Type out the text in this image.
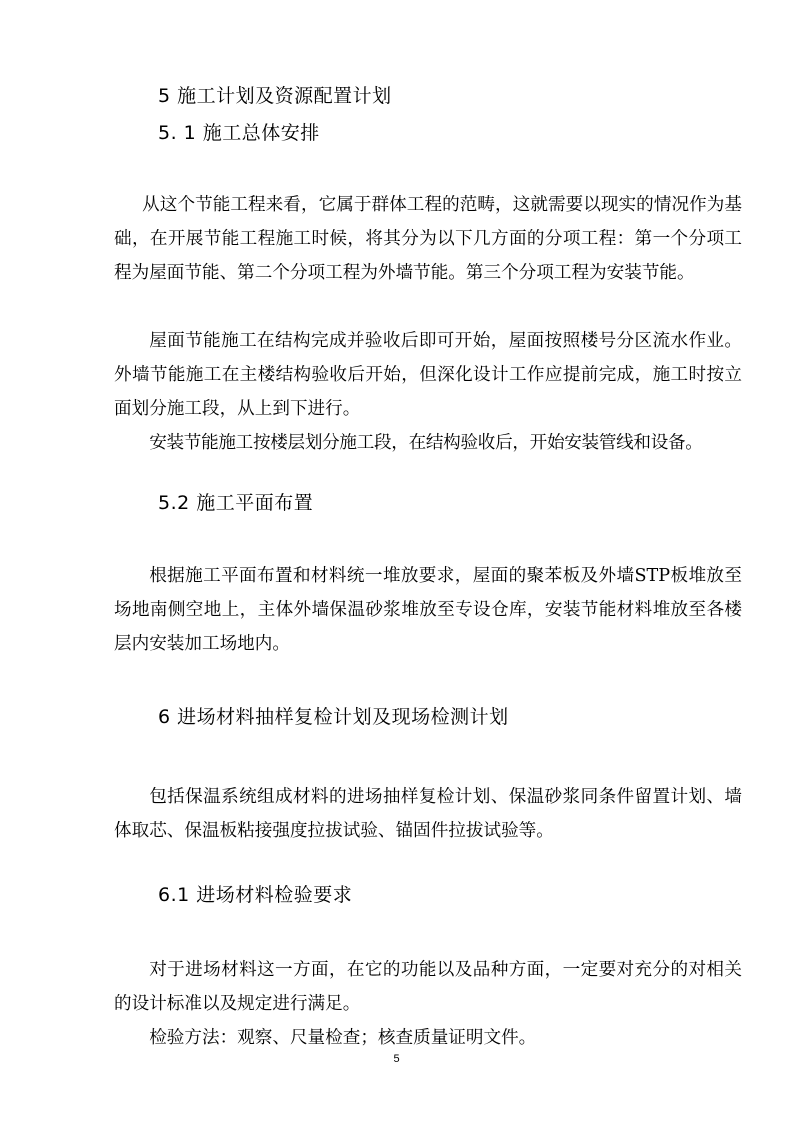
5 施工计划及资源配置计划
5. 1 施工总体安排

从这个节能工程来看，它属于群体工程的范畴，这就需要以现实的情况作为基础，在开展节能工程施工时候，将其分为以下几方面的分项工程：第一个分项工程为屋面节能、第二个分项工程为外墙节能。第三个分项工程为安装节能。

屋面节能施工在结构完成并验收后即可开始，屋面按照楼号分区流水作业。外墙节能施工在主楼结构验收后开始，但深化设计工作应提前完成，施工时按立面划分施工段，从上到下进行。

安装节能施工按楼层划分施工段，在结构验收后，开始安装管线和设备。

5.2 施工平面布置

根据施工平面布置和材料统一堆放要求，屋面的聚苯板及外墙STP板堆放至场地南侧空地上，主体外墙保温砂浆堆放至专设仓库，安装节能材料堆放至各楼层内安装加工场地内。

6 进场材料抽样复检计划及现场检测计划

包括保温系统组成材料的进场抽样复检计划、保温砂浆同条件留置计划、墙体取芯、保温板粘接强度拉拔试验、锚固件拉拔试验等。

6.1 进场材料检验要求

对于进场材料这一方面，在它的功能以及品种方面，一定要对充分的对相关的设计标准以及规定进行满足。

检验方法：观察、尺量检查；核查质量证明文件。

5
